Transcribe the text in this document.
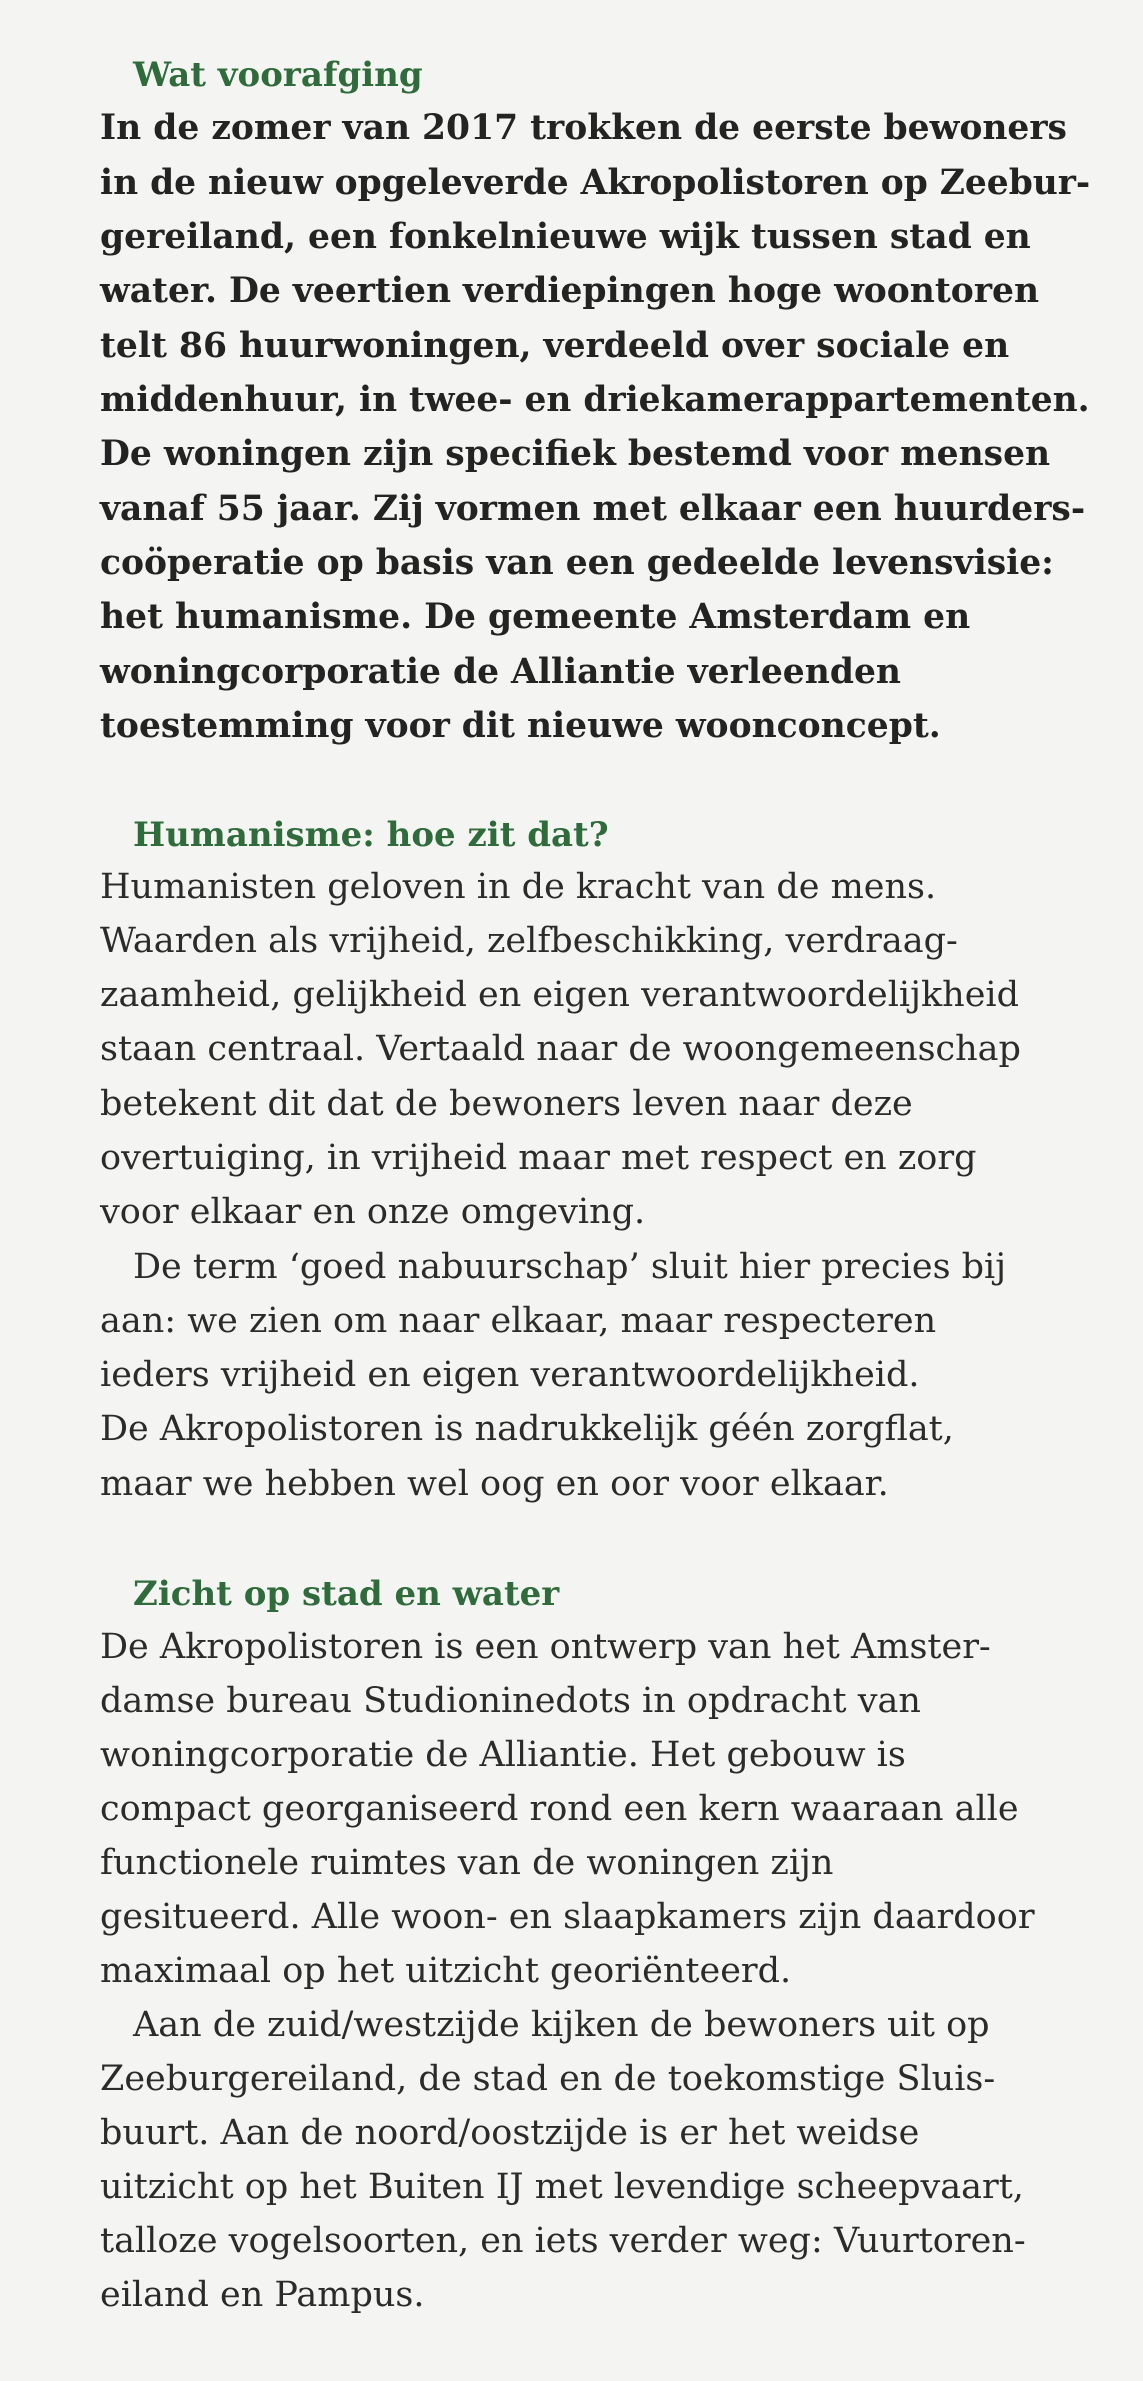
Wat voorafging

In de zomer van 2017 trokken de eerste bewoners

in de nieuw opgeleverde Akropolistoren op Zeebur-

gereiland, een fonkelnieuwe wijk tussen stad en

water. De veertien verdiepingen hoge woontoren

telt 86 huurwoningen, verdeeld over sociale en

middenhuur, in twee- en driekamerappartementen.

De woningen zijn specifiek bestemd voor mensen

vanaf 55 jaar. Zij vormen met elkaar een huurders-

coöperatie op basis van een gedeelde levensvisie:

het humanisme. De gemeente Amsterdam en

woningcorporatie de Alliantie verleenden

toestemming voor dit nieuwe woonconcept.

Humanisme: hoe zit dat?

Humanisten geloven in de kracht van de mens.

Waarden als vrijheid, zelfbeschikking, verdraag-

zaamheid, gelijkheid en eigen verantwoordelijkheid

staan centraal. Vertaald naar de woongemeenschap

betekent dit dat de bewoners leven naar deze

overtuiging, in vrijheid maar met respect en zorg

voor elkaar en onze omgeving.

De term ‘goed nabuurschap’ sluit hier precies bij

aan: we zien om naar elkaar, maar respecteren

ieders vrijheid en eigen verantwoordelijkheid.

De Akropolistoren is nadrukkelijk géén zorgflat,

maar we hebben wel oog en oor voor elkaar.

Zicht op stad en water

De Akropolistoren is een ontwerp van het Amster-

damse bureau Studioninedots in opdracht van

woningcorporatie de Alliantie. Het gebouw is

compact georganiseerd rond een kern waaraan alle

functionele ruimtes van de woningen zijn

gesitueerd. Alle woon- en slaapkamers zijn daardoor

maximaal op het uitzicht georiënteerd.

Aan de zuid/westzijde kijken de bewoners uit op

Zeeburgereiland, de stad en de toekomstige Sluis-

buurt. Aan de noord/oostzijde is er het weidse

uitzicht op het Buiten IJ met levendige scheepvaart,

talloze vogelsoorten, en iets verder weg: Vuurtoren-

eiland en Pampus.
